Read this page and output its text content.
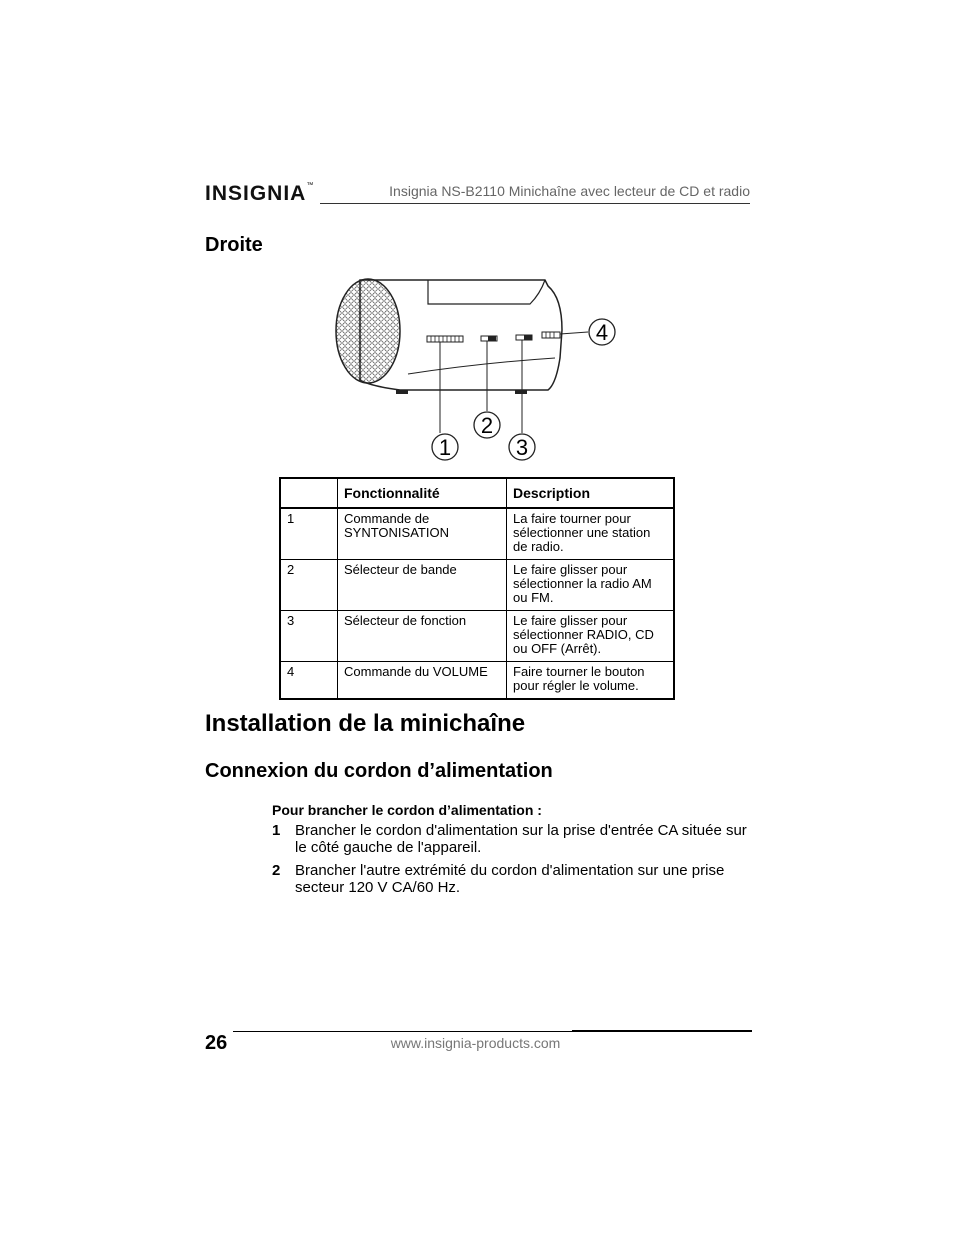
INSIGNIA™	Insignia NS-B2110 Minichaîne avec lecteur de CD et radio
Droite
1
2
3
4
	Fonctionnalité	Description
1	Commande de SYNTONISATION	La faire tourner pour sélectionner une station de radio.
2	Sélecteur de bande	Le faire glisser pour sélectionner la radio AM ou FM.
3	Sélecteur de fonction	Le faire glisser pour sélectionner RADIO, CD ou OFF (Arrêt).
4	Commande du VOLUME	Faire tourner le bouton pour régler le volume.
Installation de la minichaîne
Connexion du cordon d’alimentation
Pour brancher le cordon d’alimentation :
1 Brancher le cordon d'alimentation sur la prise d'entrée CA située sur le côté gauche de l'appareil.
2 Brancher l'autre extrémité du cordon d'alimentation sur une prise secteur 120 V CA/60 Hz.
26	www.insignia-products.com
